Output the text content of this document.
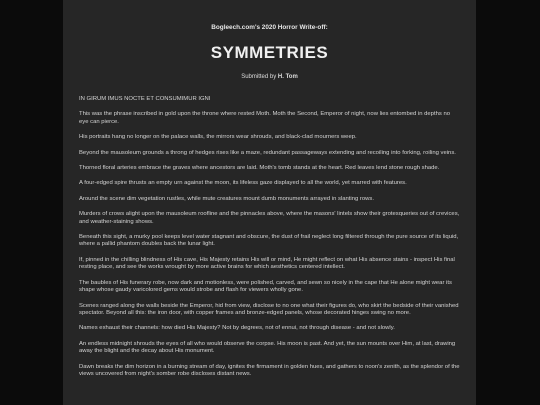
Bogleech.com's 2020 Horror Write-off:
SYMMETRIES
Submitted by H. Tom

IN GIRUM IMUS NOCTE ET CONSUMIMUR IGNI

This was the phrase inscribed in gold upon the throne where rested Moth. Moth the Second, Emperor of night, now lies entombed in depths no eye can pierce.

His portraits hang no longer on the palace walls, the mirrors wear shrouds, and black-clad mourners weep.

Beyond the mausoleum grounds a throng of hedges rises like a maze, redundant passageways extending and recoiling into forking, roiling veins.

Thorned floral arteries embrace the graves where ancestors are laid. Moth's tomb stands at the heart. Red leaves lend stone rough shade.

A four-edged spire thrusts an empty urn against the moon, its lifeless gaze displayed to all the world, yet marred with features.

Around the scene dim vegetation rustles, while mute creatures mount dumb monuments arrayed in slanting rows.

Murders of crows alight upon the mausoleum roofline and the pinnacles above, where the masons' lintels show their grotesqueries out of crevices, and weather-staining shows.

Beneath this sight, a murky pool keeps level water stagnant and obscure, the dust of frail neglect long filtered through the pure source of its liquid, where a pallid phantom doubles back the lunar light.

If, pinned in the chilling blindness of His cave, His Majesty retains His will or mind, He might reflect on what His absence stains - inspect His final resting place, and see the works wrought by more active brains for which aesthetics centered intellect.

The baubles of His funerary robe, now dark and motionless, were polished, carved, and sewn so nicely in the cape that He alone might wear its shape whose gaudy varicolored gems would strobe and flash for viewers wholly gone.

Scenes ranged along the walls beside the Emperor, hid from view, disclose to no one what their figures do, who skirt the bedside of their vanished spectator. Beyond all this: the iron door, with copper frames and bronze-edged panels, whose decorated hinges swing no more.

Names exhaust their channels: how died His Majesty? Not by degrees, not of ennui, not through disease - and not slowly.

An endless midnight shrouds the eyes of all who would observe the corpse. His moon is past. And yet, the sun mounts over Him, at last, drawing away the blight and the decay about His monument.

Dawn breaks the dim horizon in a burning stream of day, ignites the firmament in golden hues, and gathers to noon's zenith, as the splendor of the views uncovered from night's somber robe discloses distant news.
